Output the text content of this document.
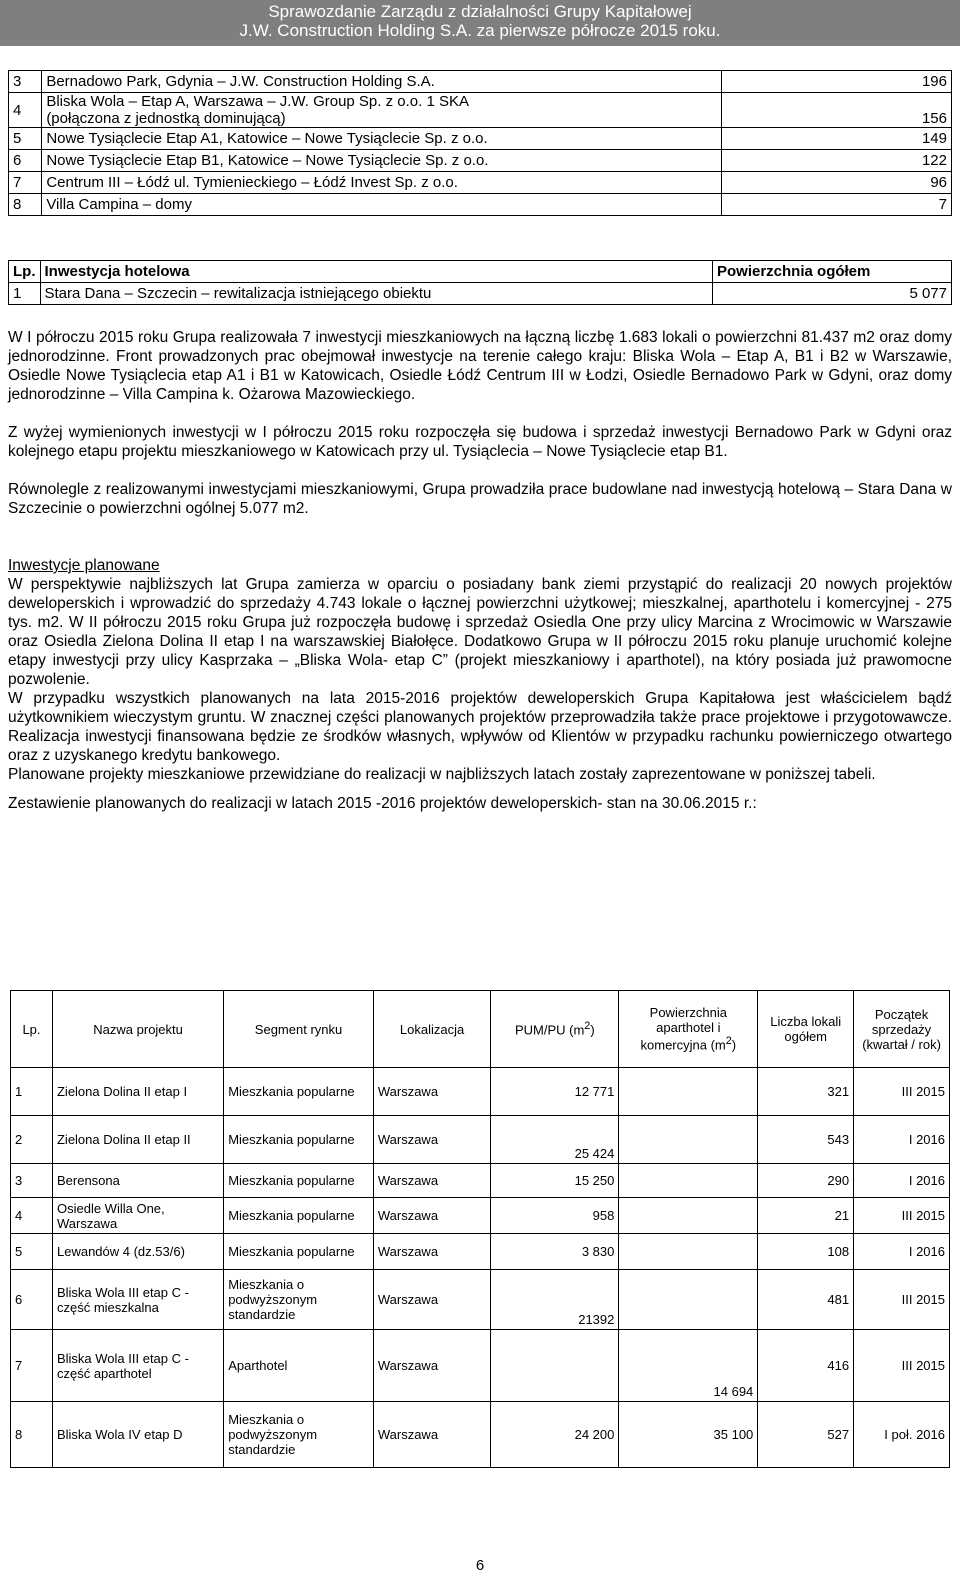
Sprawozdanie Zarządu z działalności Grupy Kapitałowej
J.W. Construction Holding S.A. za pierwsze półrocze 2015 roku.
3	Bernadowo Park, Gdynia – J.W. Construction Holding S.A.	196
4	Bliska Wola – Etap A, Warszawa – J.W. Group Sp. z o.o. 1 SKA (połączona z jednostką dominującą)	156
5	Nowe Tysiąclecie Etap A1, Katowice – Nowe Tysiąclecie Sp. z o.o.	149
6	Nowe Tysiąclecie Etap B1, Katowice – Nowe Tysiąclecie Sp. z o.o.	122
7	Centrum III – Łódź ul. Tymienieckiego – Łódź Invest Sp. z o.o.	96
8	Villa Campina – domy	7
Lp.	Inwestycja hotelowa	Powierzchnia ogółem
1	Stara Dana – Szczecin – rewitalizacja istniejącego obiektu	5 077

W I półroczu 2015 roku Grupa realizowała 7 inwestycji mieszkaniowych na łączną liczbę 1.683 lokali o powierzchni 81.437 m2 oraz domy jednorodzinne. Front prowadzonych prac obejmował inwestycje na terenie całego kraju: Bliska Wola – Etap A, B1 i B2 w Warszawie, Osiedle Nowe Tysiąclecia etap A1 i B1 w Katowicach, Osiedle Łódź Centrum III w Łodzi, Osiedle Bernadowo Park w Gdyni, oraz domy jednorodzinne – Villa Campina k. Ożarowa Mazowieckiego.

Z wyżej wymienionych inwestycji w I półroczu 2015 roku rozpoczęła się budowa i sprzedaż inwestycji Bernadowo Park w Gdyni oraz kolejnego etapu projektu mieszkaniowego w Katowicach przy ul. Tysiąclecia – Nowe Tysiąclecie etap B1.

Równolegle z realizowanymi inwestycjami mieszkaniowymi, Grupa prowadziła prace budowlane nad inwestycją hotelową – Stara Dana w Szczecinie o powierzchni ogólnej 5.077 m2.

Inwestycje planowane

W perspektywie najbliższych lat Grupa zamierza w oparciu o posiadany bank ziemi przystąpić do realizacji 20 nowych projektów deweloperskich i wprowadzić do sprzedaży 4.743 lokale o łącznej powierzchni użytkowej; mieszkalnej, aparthotelu i komercyjnej - 275 tys. m2. W II półroczu 2015 roku Grupa już rozpoczęła budowę i sprzedaż Osiedla One przy ulicy Marcina z Wrocimowic w Warszawie oraz Osiedla Zielona Dolina II etap I na warszawskiej Białołęce. Dodatkowo Grupa w II półroczu 2015 roku planuje uruchomić kolejne etapy inwestycji przy ulicy Kasprzaka – „Bliska Wola- etap C” (projekt mieszkaniowy i aparthotel), na który posiada już prawomocne pozwolenie.

W przypadku wszystkich planowanych na lata 2015-2016 projektów deweloperskich Grupa Kapitałowa jest właścicielem bądź użytkownikiem wieczystym gruntu. W znacznej części planowanych projektów przeprowadziła także prace projektowe i przygotowawcze. Realizacja inwestycji finansowana będzie ze środków własnych, wpływów od Klientów w przypadku rachunku powierniczego otwartego oraz z uzyskanego kredytu bankowego.

Planowane projekty mieszkaniowe przewidziane do realizacji w najbliższych latach zostały zaprezentowane w poniższej tabeli.

Zestawienie planowanych do realizacji w latach 2015 -2016 projektów deweloperskich- stan na 30.06.2015 r.:

Lp.	Nazwa projektu	Segment rynku	Lokalizacja	PUM/PU $(m^2)$	Powierzchnia aparthotel i komercyjna $(m^2)$	Liczba lokali ogółem	Początek sprzedaży (kwartał / rok)
1	Zielona Dolina II etap I	Mieszkania popularne	Warszawa	12 771		321	III 2015
2	Zielona Dolina II etap II	Mieszkania popularne	Warszawa	25 424		543	I 2016
3	Berensona	Mieszkania popularne	Warszawa	15 250		290	I 2016
4	Osiedle Willa One, Warszawa	Mieszkania popularne	Warszawa	958		21	III 2015
5	Lewandów 4 (dz.53/6)	Mieszkania popularne	Warszawa	3 830		108	I 2016
6	Bliska Wola III etap C - część mieszkalna	Mieszkania o podwyższonym standardzie	Warszawa	21392		481	III 2015
7	Bliska Wola III etap C - część aparthotel	Aparthotel	Warszawa		14 694	416	III 2015
8	Bliska Wola IV etap D	Mieszkania o podwyższonym standardzie	Warszawa	24 200	35 100	527	I poł. 2016
6
